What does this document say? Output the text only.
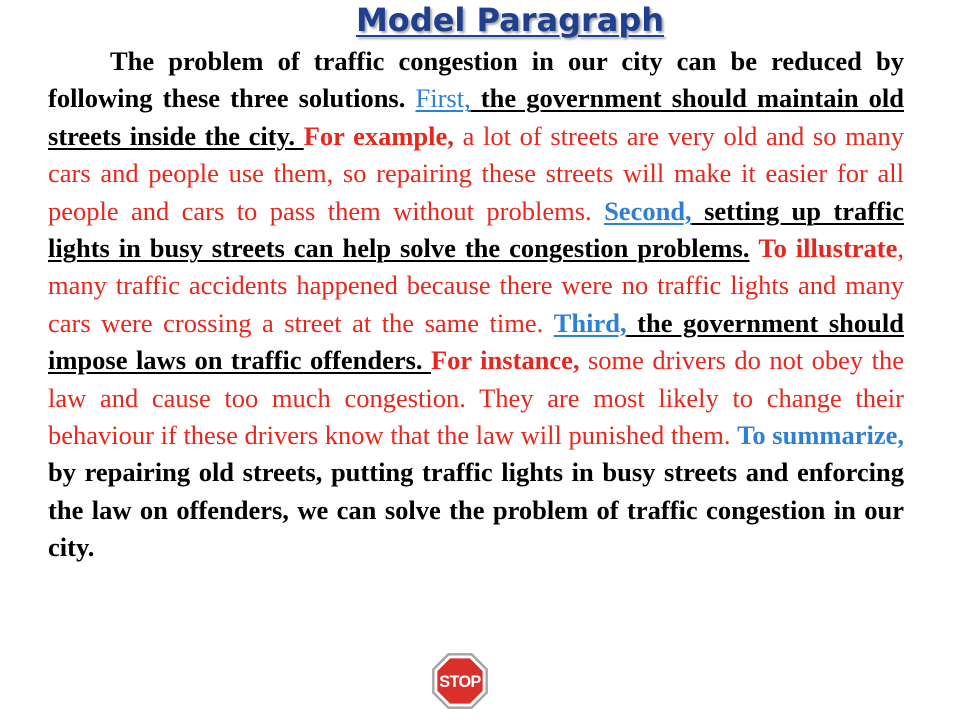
Model Paragraph

The problem of traffic congestion in our city can be reduced by following these three solutions. First, the government should maintain old streets inside the city. For example, a lot of streets are very old and so many cars and people use them, so repairing these streets will make it easier for all people and cars to pass them without problems. Second, setting up traffic lights in busy streets can help solve the congestion problems. To illustrate, many traffic accidents happened because there were no traffic lights and many cars were crossing a street at the same time. Third, the government should impose laws on traffic offenders. For instance, some drivers do not obey the law and cause too much congestion. They are most likely to change their behaviour if these drivers know that the law will punished them. To summarize, by repairing old streets, putting traffic lights in busy streets and enforcing the law on offenders, we can solve the problem of traffic congestion in our city.

STOP
